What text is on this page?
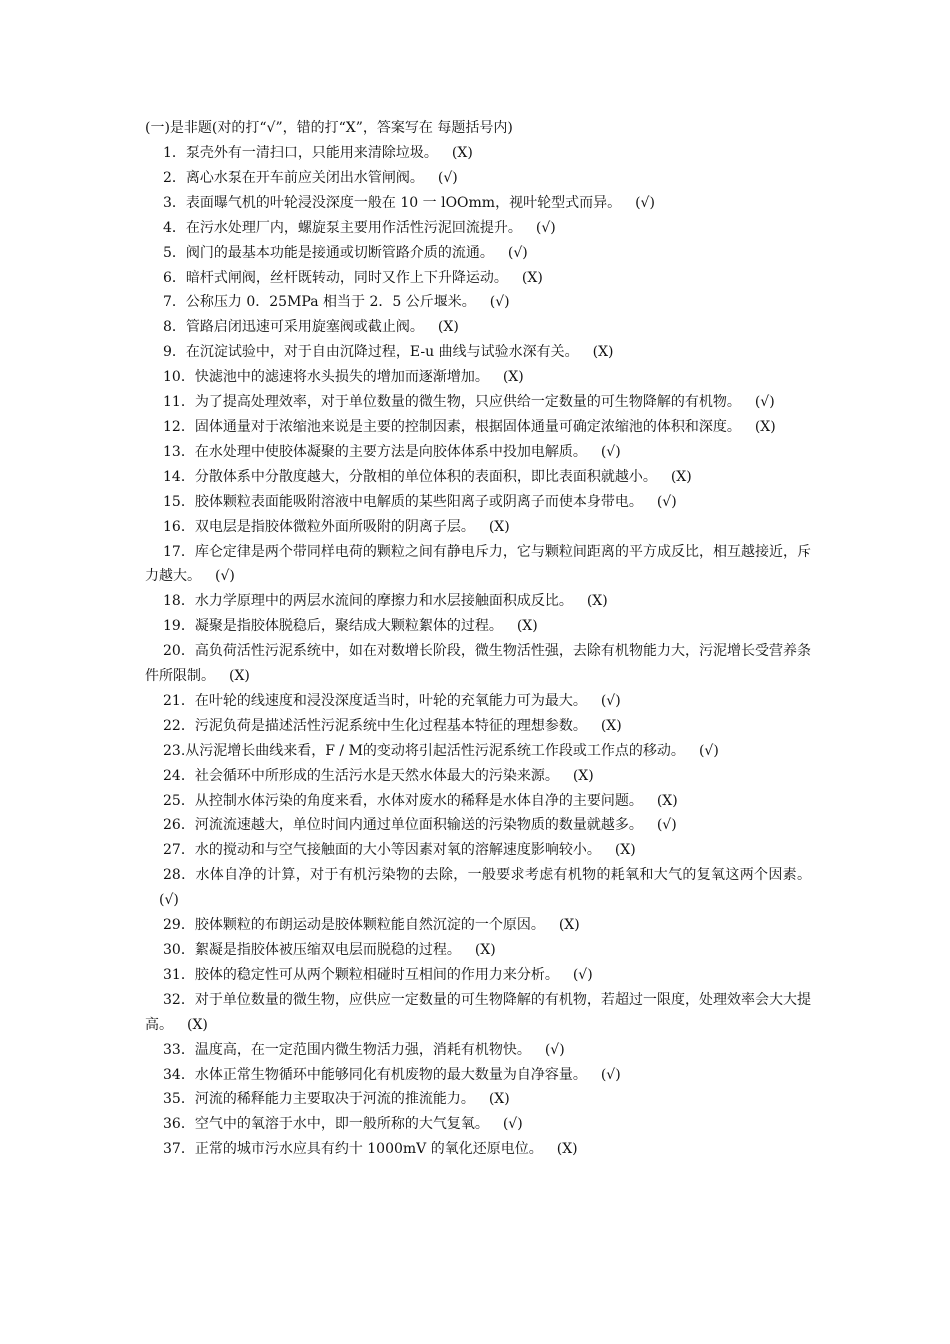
(一)是非题(对的打“√”，错的打“X”，答案写在 每题括号内)

1．泵壳外有一清扫口，只能用来清除垃圾。 (X)

2．离心水泵在开车前应关闭出水管闸阀。 (√)

3．表面曝气机的叶轮浸没深度一般在 10 一 lOOmm，视叶轮型式而异。 (√)

4．在污水处理厂内，螺旋泵主要用作活性污泥回流提升。 (√)

5．阀门的最基本功能是接通或切断管路介质的流通。 (√)

6．暗杆式闸阀，丝杆既转动，同时又作上下升降运动。 (X)

7．公称压力 0．25MPa 相当于 2．5 公斤堰米。 (√)

8．管路启闭迅速可采用旋塞阀或截止阀。 (X)

9．在沉淀试验中，对于自由沉降过程，E-u 曲线与试验水深有关。 (X)

10．快滤池中的滤速将水头损失的增加而逐渐增加。 (X)

11．为了提高处理效率，对于单位数量的微生物，只应供给一定数量的可生物降解的有机物。 (√)

12．固体通量对于浓缩池来说是主要的控制因素，根据固体通量可确定浓缩池的体积和深度。 (X)

13．在水处理中使胶体凝聚的主要方法是向胶体体系中投加电解质。 (√)

14．分散体系中分散度越大，分散相的单位体积的表面积，即比表面积就越小。 (X)

15．胶体颗粒表面能吸附溶液中电解质的某些阳离子或阴离子而使本身带电。 (√)

16．双电层是指胶体微粒外面所吸附的阴离子层。 (X)

17．库仑定律是两个带同样电荷的颗粒之间有静电斥力，它与颗粒间距离的平方成反比，相互越接近，斥力越大。 (√)

18．水力学原理中的两层水流间的摩擦力和水层接触面积成反比。 (X)

19．凝聚是指胶体脱稳后，聚结成大颗粒絮体的过程。 (X)

20．高负荷活性污泥系统中，如在对数增长阶段，微生物活性强，去除有机物能力大，污泥增长受营养条件所限制。 (X)

21．在叶轮的线速度和浸没深度适当时，叶轮的充氧能力可为最大。 (√)

22．污泥负荷是描述活性污泥系统中生化过程基本特征的理想参数。 (X)

23.从污泥增长曲线来看，F / M的变动将引起活性污泥系统工作段或工作点的移动。 (√)

24．社会循环中所形成的生活污水是天然水体最大的污染来源。 (X)

25．从控制水体污染的角度来看，水体对废水的稀释是水体自净的主要问题。 (X)

26．河流流速越大，单位时间内通过单位面积输送的污染物质的数量就越多。 (√)

27．水的搅动和与空气接触面的大小等因素对氧的溶解速度影响较小。 (X)

28．水体自净的计算，对于有机污染物的去除，一般要求考虑有机物的耗氧和大气的复氧这两个因素。(√)

29．胶体颗粒的布朗运动是胶体颗粒能自然沉淀的一个原因。 (X)

30．絮凝是指胶体被压缩双电层而脱稳的过程。 (X)

31．胶体的稳定性可从两个颗粒相碰时互相间的作用力来分析。 (√)

32．对于单位数量的微生物，应供应一定数量的可生物降解的有机物，若超过一限度，处理效率会大大提高。 (X)

33．温度高，在一定范围内微生物活力强，消耗有机物快。 (√)

34．水体正常生物循环中能够同化有机废物的最大数量为自净容量。 (√)

35．河流的稀释能力主要取决于河流的推流能力。 (X)

36．空气中的氧溶于水中，即一般所称的大气复氧。 (√)

37．正常的城市污水应具有约十 1000mV 的氧化还原电位。 (X)
